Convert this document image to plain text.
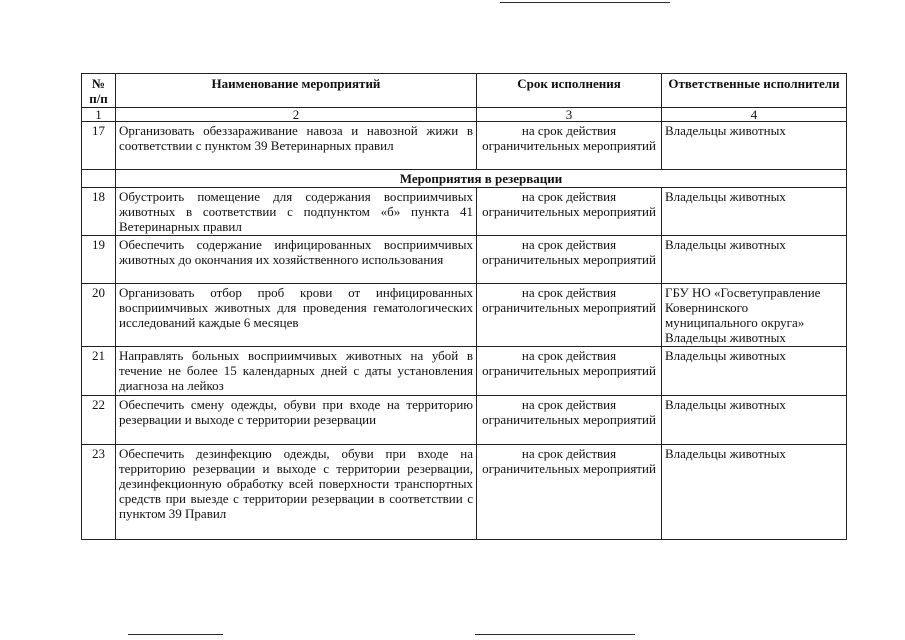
№ п/п	Наименование мероприятий	Срок исполнения	Ответственные исполнители
1	2	3	4
17	Организовать обеззараживание навоза и навозной жижи в соответствии с пунктом 39 Ветеринарных правил	на срок действия ограничительных мероприятий	Владельцы животных
	Мероприятия в резервации		
18	Обустроить помещение для содержания восприимчивых животных в соответствии с подпунктом «б» пункта 41 Ветеринарных правил	на срок действия ограничительных мероприятий	Владельцы животных
19	Обеспечить содержание инфицированных восприимчивых животных до окончания их хозяйственного использования	на срок действия ограничительных мероприятий	Владельцы животных
20	Организовать отбор проб крови от инфицированных восприимчивых животных для проведения гематологических исследований каждые 6 месяцев	на срок действия ограничительных мероприятий	ГБУ НО «Госветуправление Ковернинского муниципального округа» Владельцы животных
21	Направлять больных восприимчивых животных на убой в течение не более 15 календарных дней с даты установления диагноза на лейкоз	на срок действия ограничительных мероприятий	Владельцы животных
22	Обеспечить смену одежды, обуви при входе на территорию резервации и выходе с территории резервации	на срок действия ограничительных мероприятий	Владельцы животных
23	Обеспечить дезинфекцию одежды, обуви при входе на территорию резервации и выходе с территории резервации, дезинфекционную обработку всей поверхности транспортных средств при выезде с территории резервации в соответствии с пунктом 39 Правил	на срок действия ограничительных мероприятий	Владельцы животных
